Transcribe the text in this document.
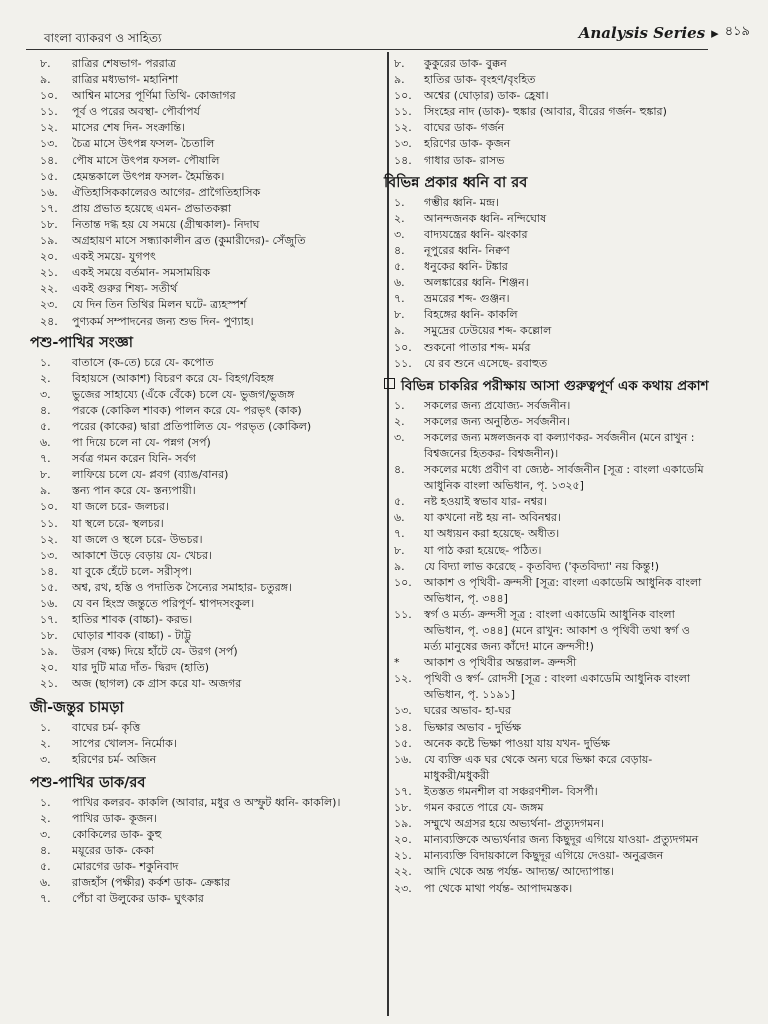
বাংলা ব্যাকরণ ও সাহিত্য	Analysis Series ▸ ৪১৯
৮.	রাত্রির শেষভাগ- পররাত্র
৯.	রাত্রির মধ্যভাগ- মহানিশা
১০.	আশ্বিন মাসের পূর্ণিমা তিথি- কোজাগর
১১.	পূর্ব ও পরের অবস্থা- পৌর্বাপর্য
১২.	মাসের শেষ দিন- সংক্রান্তি।
১৩.	চৈত্র মাসে উৎপন্ন ফসল- চৈতালি
১৪.	পৌষ মাসে উৎপন্ন ফসল- পৌষালি
১৫.	হেমন্তকালে উৎপন্ন ফসল- হৈমন্তিক।
১৬.	ঐতিহাসিককালেরও আগের- প্রাগৈতিহাসিক
১৭.	প্রায় প্রভাত হয়েছে এমন- প্রভাতকল্পা
১৮.	নিতান্ত দগ্ধ হয় যে সময়ে (গ্রীষ্মকাল)- নিদাঘ
১৯.	অগ্রহায়ণ মাসে সন্ধ্যাকালীন ব্রত (কুমারীদের)- সেঁজুতি
২০.	একই সময়ে- যুগপৎ
২১.	একই সময়ে বর্তমান- সমসাময়িক
২২.	একই গুরুর শিষ্য- সতীর্থ
২৩.	যে দিন তিন তিথির মিলন ঘটে- ত্র্যহস্পর্শ
২৪.	পুণ্যকর্ম সম্পাদনের জন্য শুভ দিন- পুণ্যাহ।
পশু-পাখির সংজ্ঞা
১.	বাতাসে (ক-তে) চরে যে- কপোত
২.	বিহায়সে (আকাশ) বিচরণ করে যে- বিহগ/বিহঙ্গ
৩.	ভুজের সাহায্যে (এঁকে বেঁকে) চলে যে- ভুজগ/ভুজঙ্গ
৪.	পরকে (কোকিল শাবক) পালন করে যে- পরভৃৎ (কাক)
৫.	পরের (কাকের) দ্বারা প্রতিপালিত যে- পরভৃত (কোকিল)
৬.	পা দিয়ে চলে না যে- পন্নগ (সর্প)
৭.	সর্বত্র গমন করেন যিনি- সর্বগ
৮.	লাফিয়ে চলে যে- প্লবগ (ব্যাঙ/বানর)
৯.	স্তন্য পান করে যে- স্তন্যপায়ী।
১০.	যা জলে চরে- জলচর।
১১.	যা স্থলে চরে- স্থলচর।
১২.	যা জলে ও স্থলে চরে- উভচর।
১৩.	আকাশে উড়ে বেড়ায় যে- খেচর।
১৪.	যা বুকে হেঁটে চলে- সরীসৃপ।
১৫.	অশ্ব, রথ, হস্তি ও পদাতিক সৈন্যের সমাহার- চতুরঙ্গ।
১৬.	যে বন হিংস্র জন্তুতে পরিপূর্ণ- শ্বাপদসংকুল।
১৭.	হাতির শাবক (বাচ্চা)- করভ।
১৮.	ঘোড়ার শাবক (বাচ্চা) - টাট্টু
১৯.	উরস (বক্ষ) দিয়ে হাঁটে যে- উরগ (সর্প)
২০.	যার দুটি মাত্র দাঁত- দ্বিরদ (হাতি)
২১.	অজ (ছাগল) কে গ্রাস করে যা- অজগর
জী-জন্তুর চামড়া
১.	বাঘের চর্ম- কৃত্তি
২.	সাপের খোলস- নির্মোক।
৩.	হরিণের চর্ম- অজিন
পশু-পাখির ডাক/রব
১.	পাখির কলরব- কাকলি (আবার, মধুর ও অস্ফুট ধ্বনি- কাকলি)।
২.	পাখির ডাক- কূজন।
৩.	কোকিলের ডাক- কুহু
৪.	ময়ূরের ডাক- কেকা
৫.	মোরগের ডাক- শকুনিবাদ
৬.	রাজহাঁস (পক্ষীর) কর্কশ ডাক- ক্রেঙ্কার
৭.	পেঁচা বা উলুকের ডাক- ঘুৎকার
৮.	কুকুরের ডাক- বুক্কন
৯.	হাতির ডাক- বৃংহণ/বৃংহিত
১০.	অশ্বের (ঘোড়ার) ডাক- হ্রেষা।
১১.	সিংহের নাদ (ডাক)- হুঙ্কার (আবার, বীরের গর্জন- হুঙ্কার)
১২.	বাঘের ডাক- গর্জন
১৩.	হরিণের ডাক- কৃজন
১৪.	গাধার ডাক- রাসভ
বিভিন্ন প্রকার ধ্বনি বা রব
১.	গম্ভীর ধ্বনি- মন্দ্র।
২.	আনন্দজনক ধ্বনি- নন্দিঘোষ
৩.	বাদ্যযন্ত্রের ধ্বনি- ঝংকার
৪.	নূপুরের ধ্বনি- নিক্বণ
৫.	ধনুকের ধ্বনি- টঙ্কার
৬.	অলঙ্কারের ধ্বনি- শিঞ্জন।
৭.	ভ্রমরের শব্দ- গুঞ্জন।
৮.	বিহঙ্গের ধ্বনি- কাকলি
৯.	সমুদ্রের ঢেউয়ের শব্দ- কল্লোল
১০.	শুকনো পাতার শব্দ- মর্মর
১১.	যে রব শুনে এসেছে- রবাহুত
বিভিন্ন চাকরির পরীক্ষায় আসা গুরুত্বপূর্ণ এক কথায় প্রকাশ
১.	সকলের জন্য প্রযোজ্য- সর্বজনীন।
২.	সকলের জন্য অনুষ্ঠিত- সর্বজনীন।
৩.	সকলের জন্য মঙ্গলজনক বা কল্যাণকর- সর্বজনীন (মনে রাখুন :
বিশ্বজনের হিতকর- বিশ্বজনীন)।
৪.	সকলের মধ্যে প্রবীণ বা জ্যেষ্ঠ- সার্বজনীন [সূত্র : বাংলা একাডেমি
আধুনিক বাংলা অভিধান, পৃ. ১৩২৫]
৫.	নষ্ট হওয়াই স্বভাব যার- নশ্বর।
৬.	যা কখনো নষ্ট হয় না- অবিনশ্বর।
৭.	যা অধ্যয়ন করা হয়েছে- অধীত।
৮.	যা পাঠ করা হয়েছে- পঠিত।
৯.	যে বিদ্যা লাভ করেছে - কৃতবিদ্য ('কৃতবিদ্যা' নয় কিন্তু!)
১০.	আকাশ ও পৃথিবী- ক্রন্দসী [সূত্র: বাংলা একাডেমি আধুনিক বাংলা
অভিধান, পৃ. ৩৪৪]
১১.	স্বর্গ ও মর্ত্য- ক্রন্দসী সূত্র : বাংলা একাডেমি আধুনিক বাংলা
অভিধান, পৃ. ৩৪৪] (মনে রাখুন: আকাশ ও পৃথিবী তথা স্বর্গ ও
মর্ত্য মানুষের জন্য কাঁদে! মানে ক্রন্দসী!)
*	আকাশ ও পৃথিবীর অন্তরাল- ক্রন্দসী
১২.	পৃথিবী ও স্বর্গ- রোদসী [সূত্র : বাংলা একাডেমি আধুনিক বাংলা
অভিধান, পৃ. ১১৯১]
১৩.	ঘরের অভাব- হা-ঘর
১৪.	ভিক্ষার অভাব - দুর্ভিক্ষ
১৫.	অনেক কষ্টে ভিক্ষা পাওয়া যায় যখন- দুর্ভিক্ষ
১৬.	যে ব্যক্তি এক ঘর থেকে অন্য ঘরে ভিক্ষা করে বেড়ায়-
মাধুকরী/মধুকরী
১৭.	ইতস্তত গমনশীল বা সঞ্চরণশীল- বিসর্পী।
১৮.	গমন করতে পারে যে- জঙ্গম
১৯.	সম্মুখে অগ্রসর হয়ে অভ্যর্থনা- প্রত্যুদগমন।
২০.	মান্যব্যক্তিকে অভ্যর্থনার জন্য কিছুদূর এগিয়ে যাওয়া- প্রত্যুদগমন
২১.	মান্যব্যক্তি বিদায়কালে কিছুদূর এগিয়ে দেওয়া- অনুব্রজন
২২.	আদি থেকে অন্ত পর্যন্ত- আদ্যন্ত/ আদ্যোপান্ত।
২৩.	পা থেকে মাথা পর্যন্ত- আপাদমস্তক।
